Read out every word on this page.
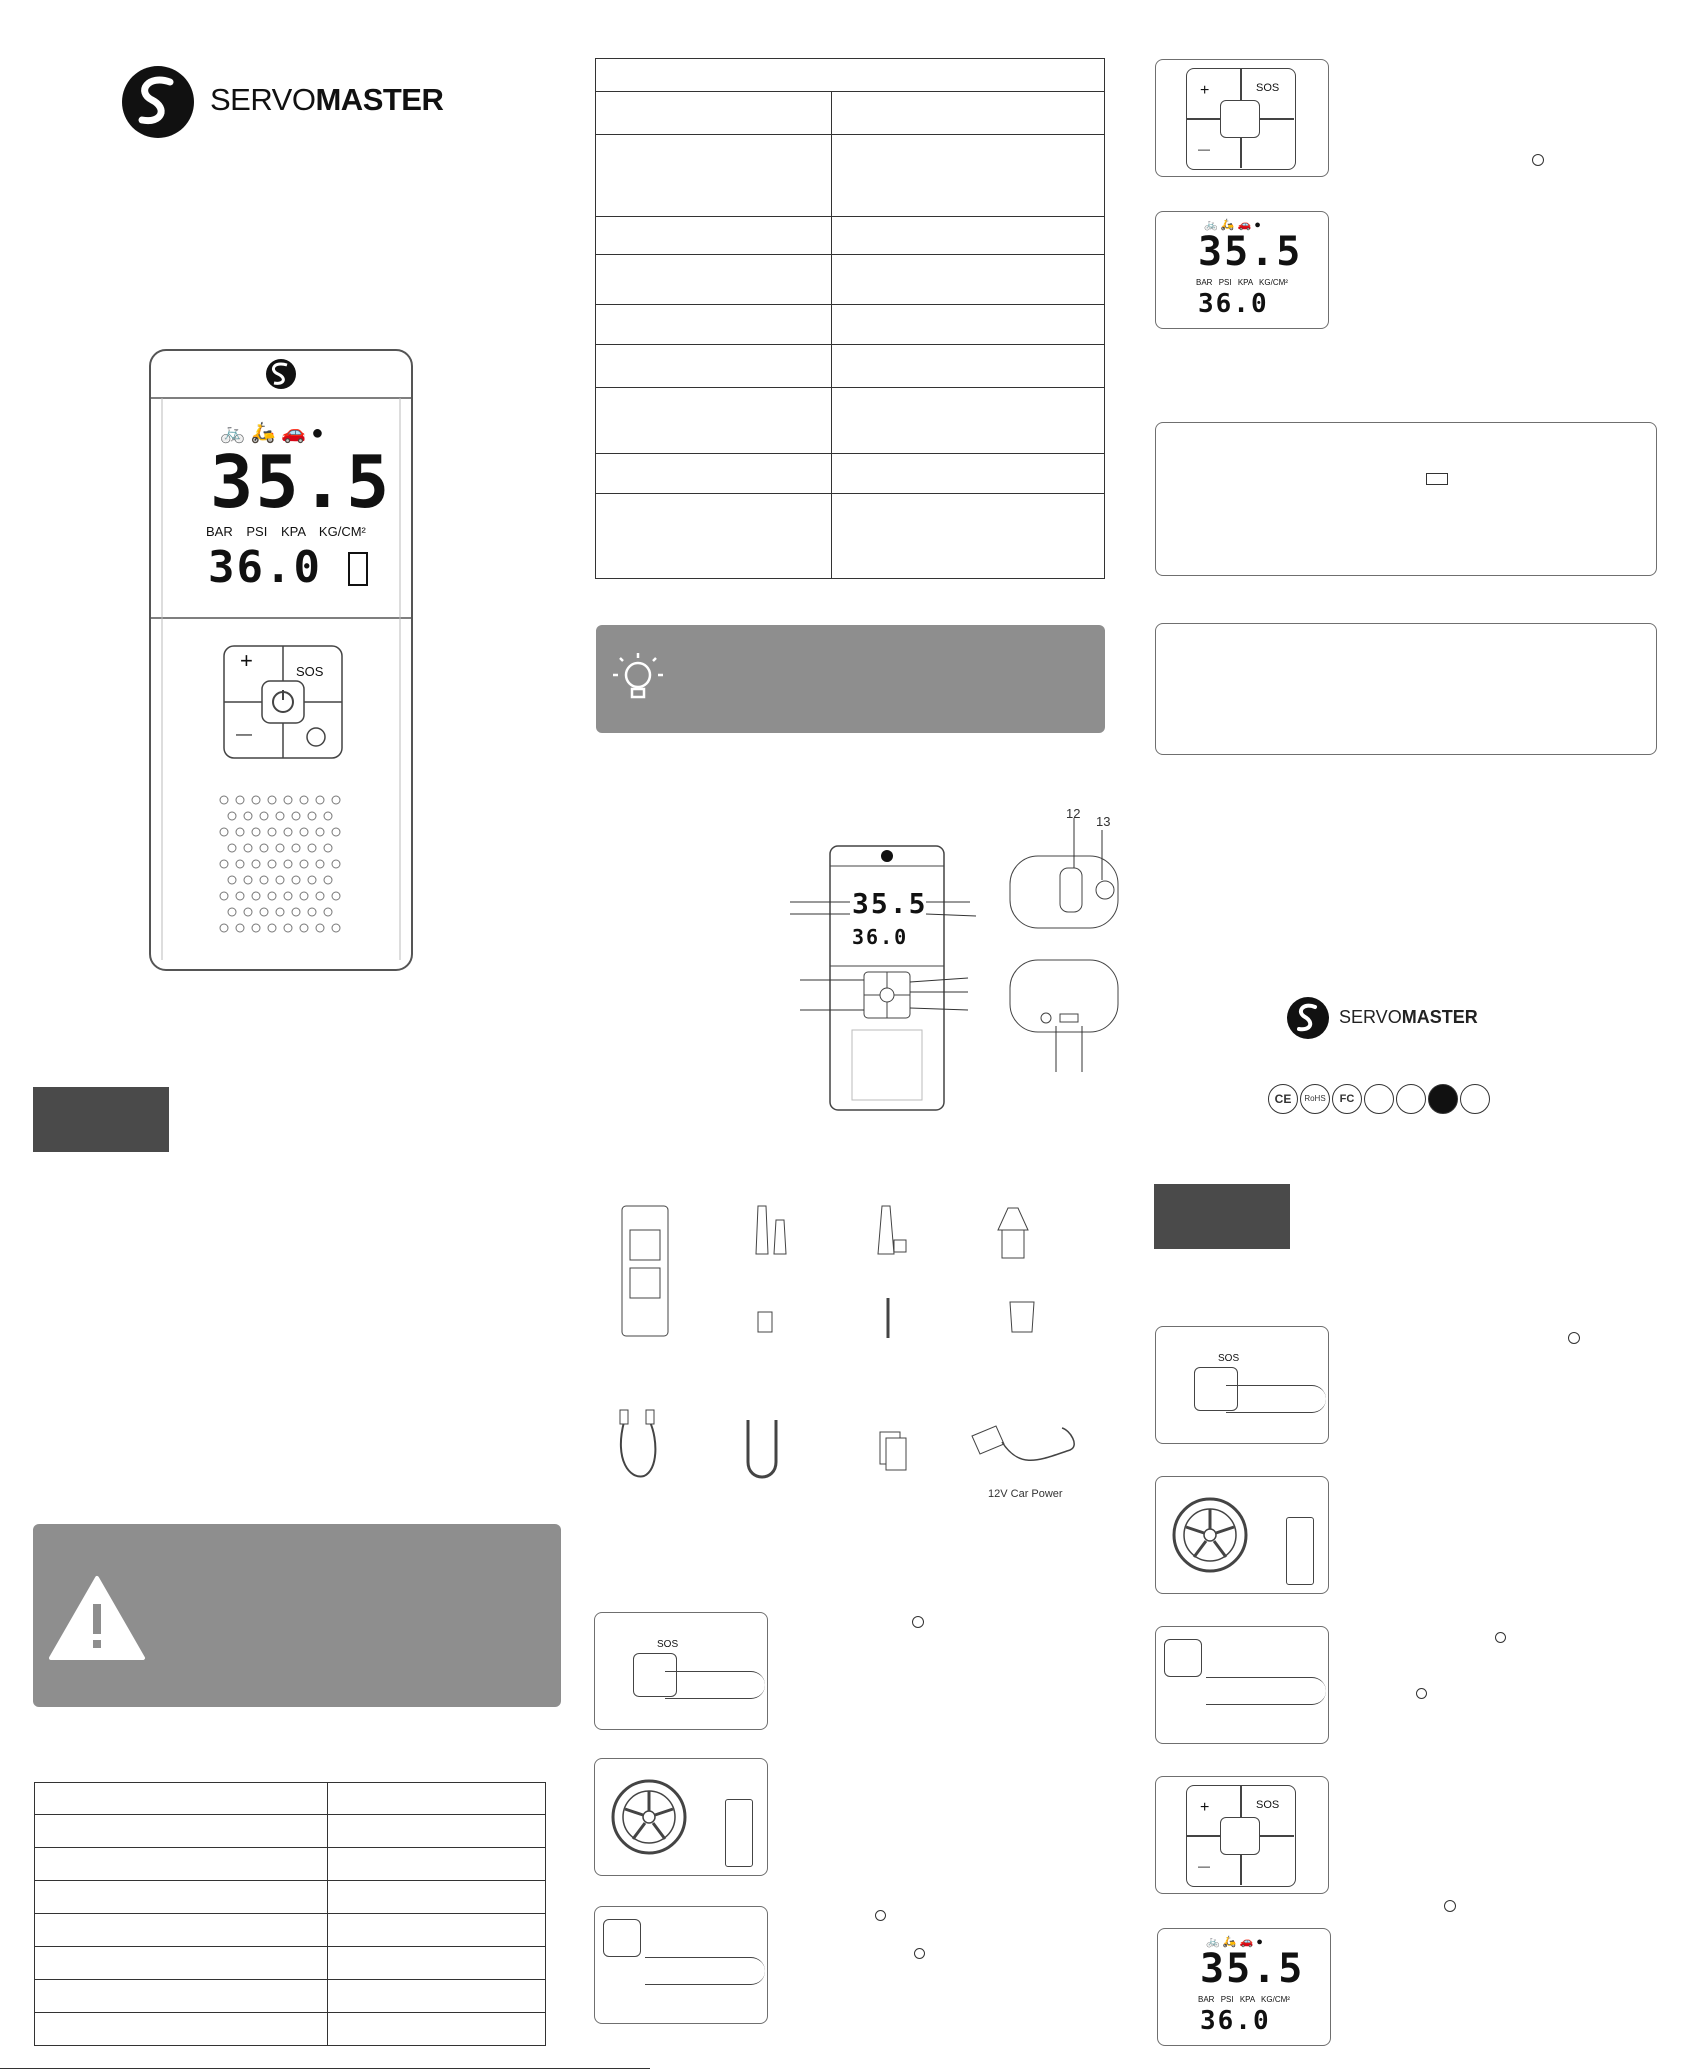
SERVOMASTER
🚲 🛵 🚗 ●
35.5
BAR PSI KPA KG/CM²
36.0
+	SOS
—

35.5
36.0
12
13
12V Car Power
SOS
SOS
+
—
🚲 🛵 🚗 ●
35.5
BAR PSI KPA KG/CM²
36.0
SERVOMASTER
CE	RoHS	FC
SOS
SOS
+
—
🚲 🛵 🚗 ●
35.5
BAR PSI KPA KG/CM²
36.0
